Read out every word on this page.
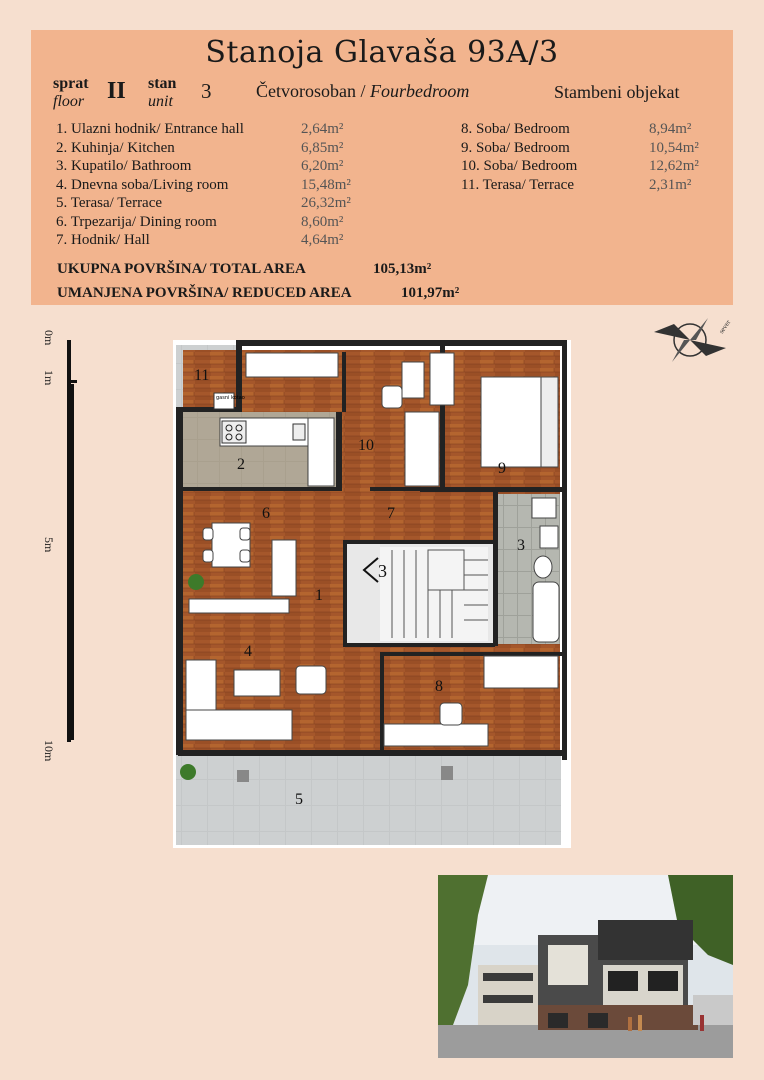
Stanoja Glavaša 93A/3
sprat
floor II stan
unit 3 Četvorosoban / Fourbedroom	Stambeni objekat
1. Ulazni hodnik/ Entrance hall	2,64m²
2. Kuhinja/ Kitchen	6,85m²
3. Kupatilo/ Bathroom	6,20m²
4. Dnevna soba/Living room	15,48m²
5. Terasa/ Terrace	26,32m²
6. Trpezarija/ Dining room	8,60m²
7. Hodnik/ Hall	4,64m²
8. Soba/ Bedroom	8,94m²
9. Soba/ Bedroom	10,54m²
10. Soba/ Bedroom	12,62m²
11. Terasa/ Terrace	2,31m²
UKUPNA POVRŠINA/ TOTAL AREA	105,13m²
UMANJENA POVRŠINA/ REDUCED AREA	101,97m²
0m
1m
5m
10m
sever
gasni kotao
11
10
9
2
6	7
3
1
4
8
5
3
